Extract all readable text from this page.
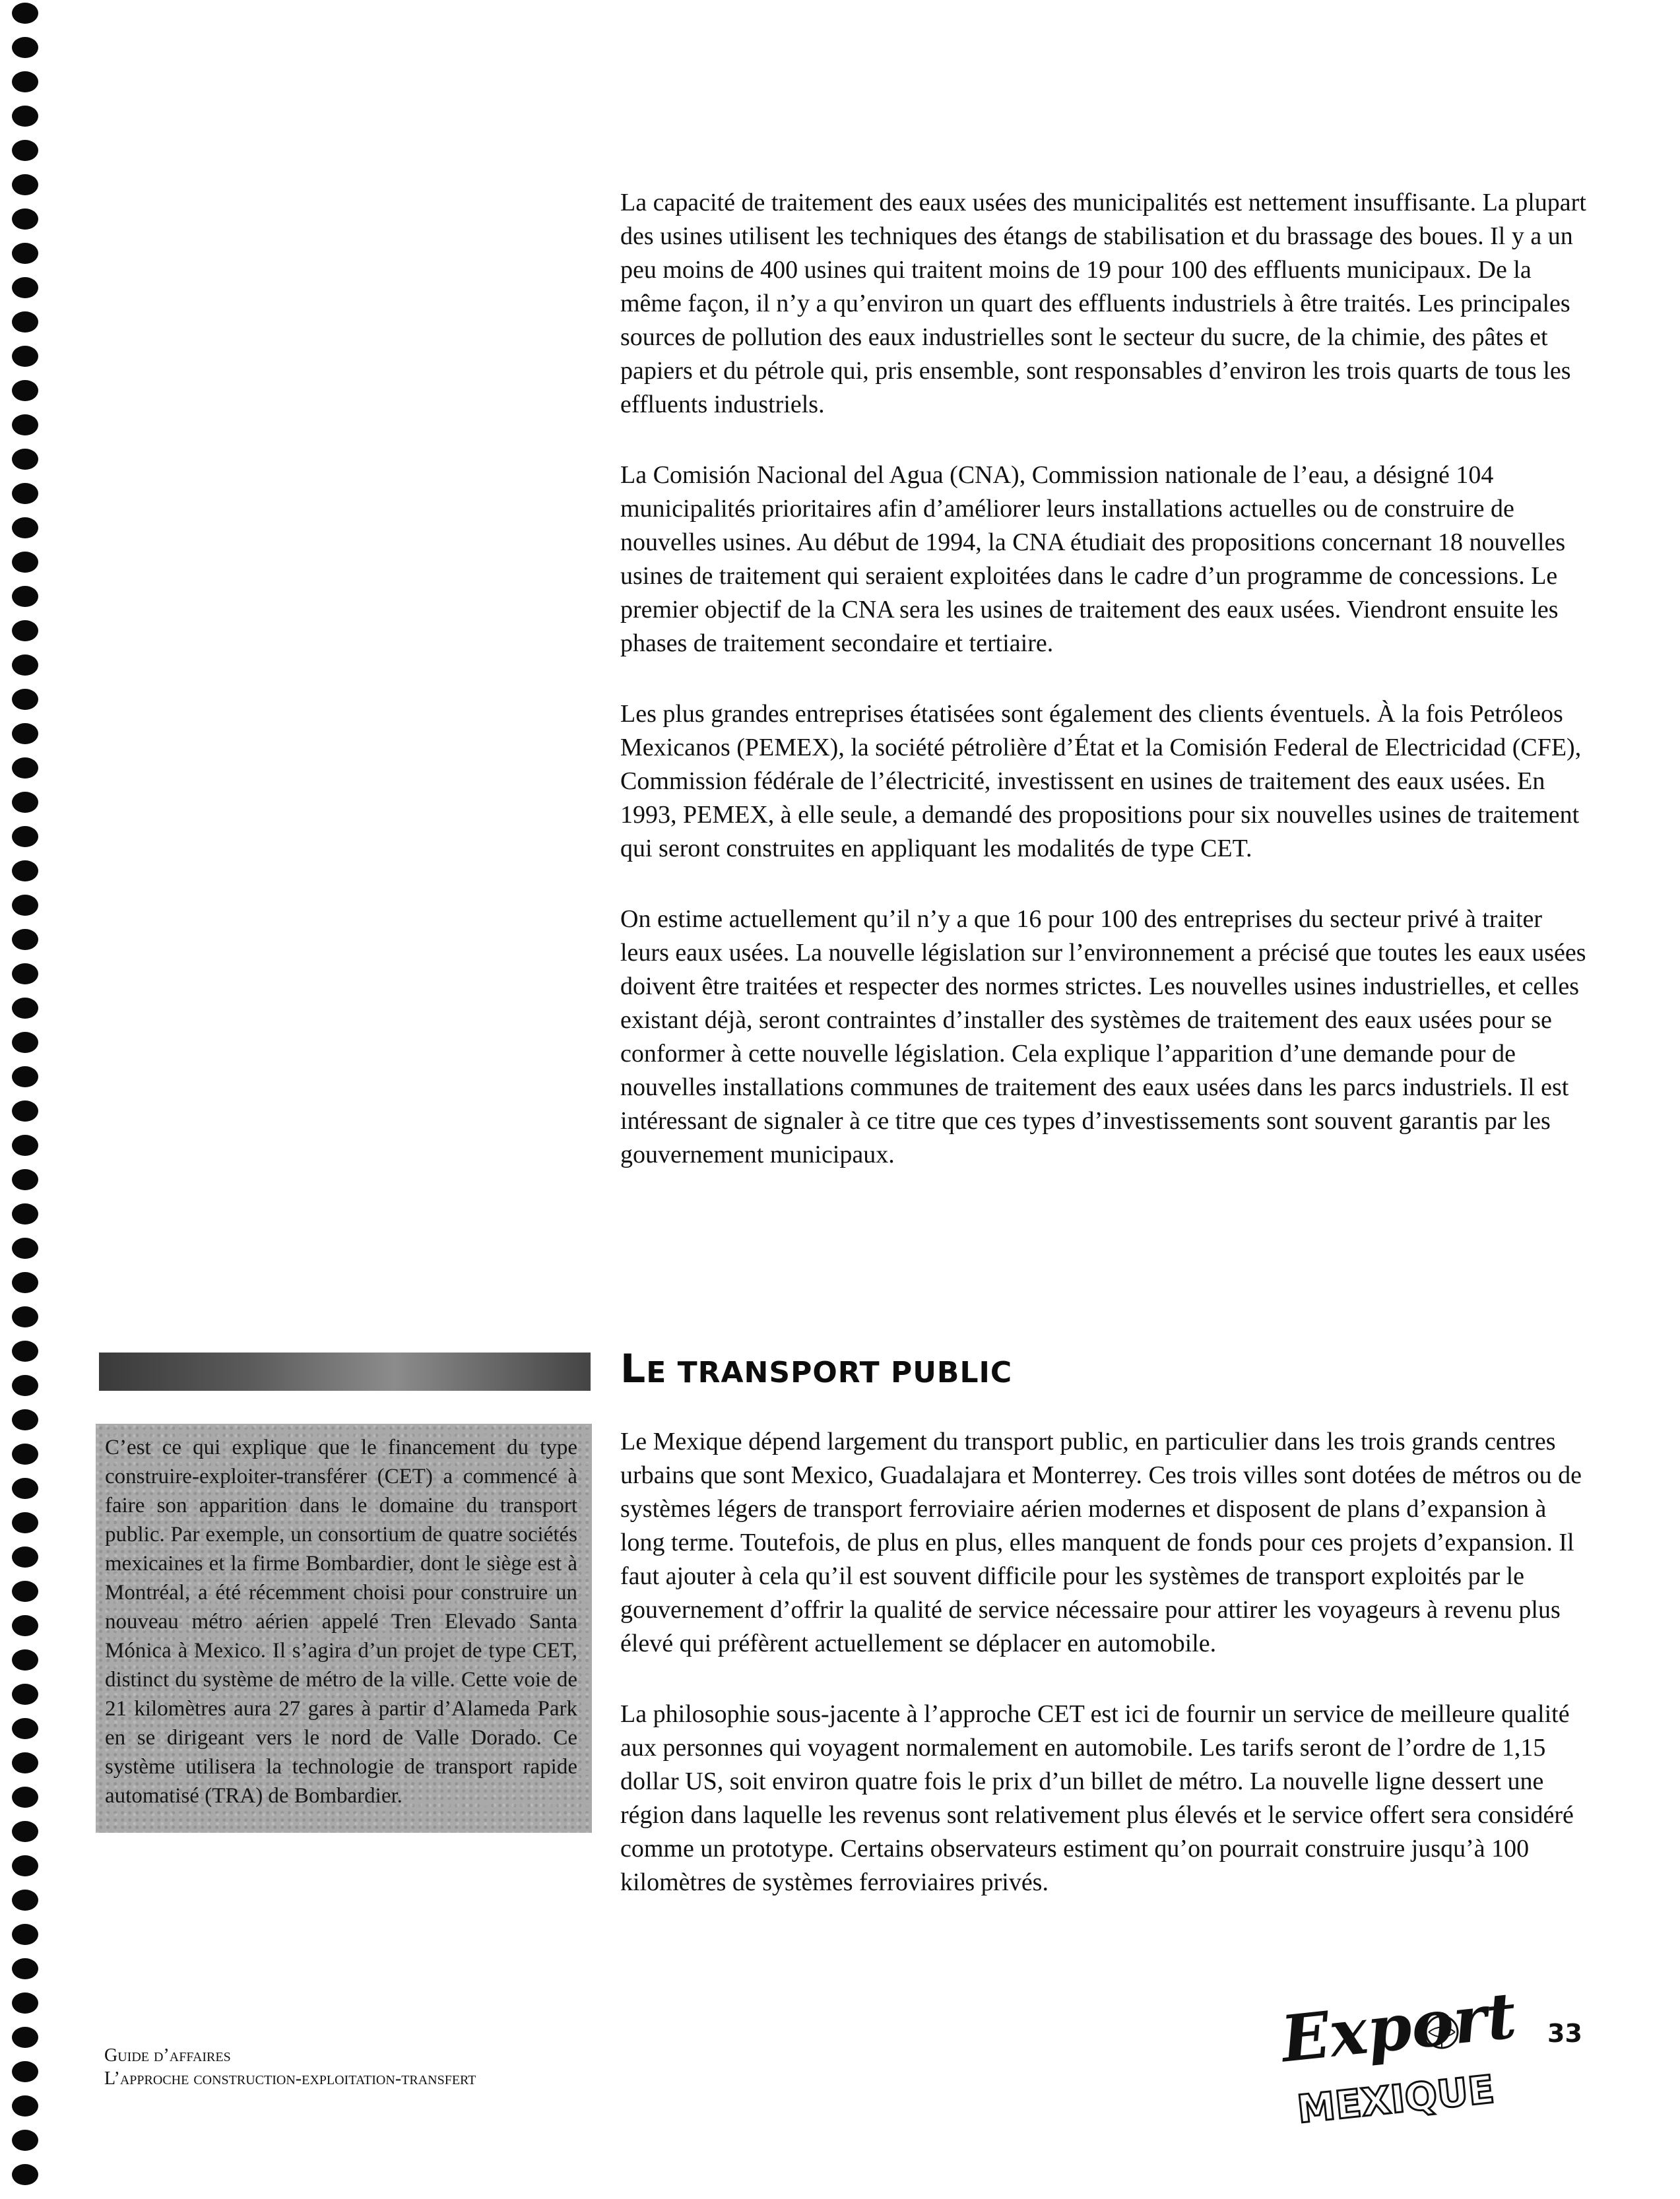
La capacité de traitement des eaux usées des municipalités est nettement insuffisante. La plupart des usines utilisent les techniques des étangs de stabilisation et du brassage des boues. Il y a un peu moins de 400 usines qui traitent moins de 19 pour 100 des effluents municipaux. De la même façon, il n’y a qu’environ un quart des effluents industriels à être traités. Les principales sources de pollution des eaux industrielles sont le secteur du sucre, de la chimie, des pâtes et papiers et du pétrole qui, pris ensemble, sont responsables d’environ les trois quarts de tous les effluents industriels.

La Comisión Nacional del Agua (CNA), Commission nationale de l’eau, a désigné 104 municipalités prioritaires afin d’améliorer leurs installations actuelles ou de construire de nouvelles usines. Au début de 1994, la CNA étudiait des propositions concernant 18 nouvelles usines de traitement qui seraient exploitées dans le cadre d’un programme de concessions. Le premier objectif de la CNA sera les usines de traitement des eaux usées. Viendront ensuite les phases de traitement secondaire et tertiaire.

Les plus grandes entreprises étatisées sont également des clients éventuels. À la fois Petróleos Mexicanos (PEMEX), la société pétrolière d’État et la Comisión Federal de Electricidad (CFE), Commission fédérale de l’électricité, investissent en usines de traitement des eaux usées. En 1993, PEMEX, à elle seule, a demandé des propositions pour six nouvelles usines de traitement qui seront construites en appliquant les modalités de type CET.

On estime actuellement qu’il n’y a que 16 pour 100 des entreprises du secteur privé à traiter leurs eaux usées. La nouvelle législation sur l’environnement a précisé que toutes les eaux usées doivent être traitées et respecter des normes strictes. Les nouvelles usines industrielles, et celles existant déjà, seront contraintes d’installer des systèmes de traitement des eaux usées pour se conformer à cette nouvelle législation. Cela explique l’apparition d’une demande pour de nouvelles installations communes de traitement des eaux usées dans les parcs industriels. Il est intéressant de signaler à ce titre que ces types d’investissements sont souvent garantis par les gouvernement municipaux.

C’est ce qui explique que le financement du type construire-exploiter-transférer (CET) a commencé à faire son apparition dans le domaine du transport public. Par exemple, un consortium de quatre sociétés mexicaines et la firme Bombardier, dont le siège est à Montréal, a été récemment choisi pour construire un nouveau métro aérien appelé Tren Elevado Santa Mónica à Mexico. Il s’agira d’un projet de type CET, distinct du système de métro de la ville. Cette voie de 21 kilomètres aura 27 gares à partir d’Alameda Park en se dirigeant vers le nord de Valle Dorado. Ce système utilisera la technologie de transport rapide automatisé (TRA) de Bombardier.
LE TRANSPORT PUBLIC

Le Mexique dépend largement du transport public, en particulier dans les trois grands centres urbains que sont Mexico, Guadalajara et Monterrey. Ces trois villes sont dotées de métros ou de systèmes légers de transport ferroviaire aérien modernes et disposent de plans d’expansion à long terme. Toutefois, de plus en plus, elles manquent de fonds pour ces projets d’expansion. Il faut ajouter à cela qu’il est souvent difficile pour les systèmes de transport exploités par le gouvernement d’offrir la qualité de service nécessaire pour attirer les voyageurs à revenu plus élevé qui préfèrent actuellement se déplacer en automobile.

La philosophie sous-jacente à l’approche CET est ici de fournir un service de meilleure qualité aux personnes qui voyagent normalement en automobile. Les tarifs seront de l’ordre de 1,15 dollar US, soit environ quatre fois le prix d’un billet de métro. La nouvelle ligne dessert une région dans laquelle les revenus sont relativement plus élevés et le service offert sera considéré comme un prototype. Certains observateurs estiment qu’on pourrait construire jusqu’à 100 kilomètres de systèmes ferroviaires privés.

Guide d’affaires
L’approche construction-exploitation-transfert
Export
MEXIQUE
33
